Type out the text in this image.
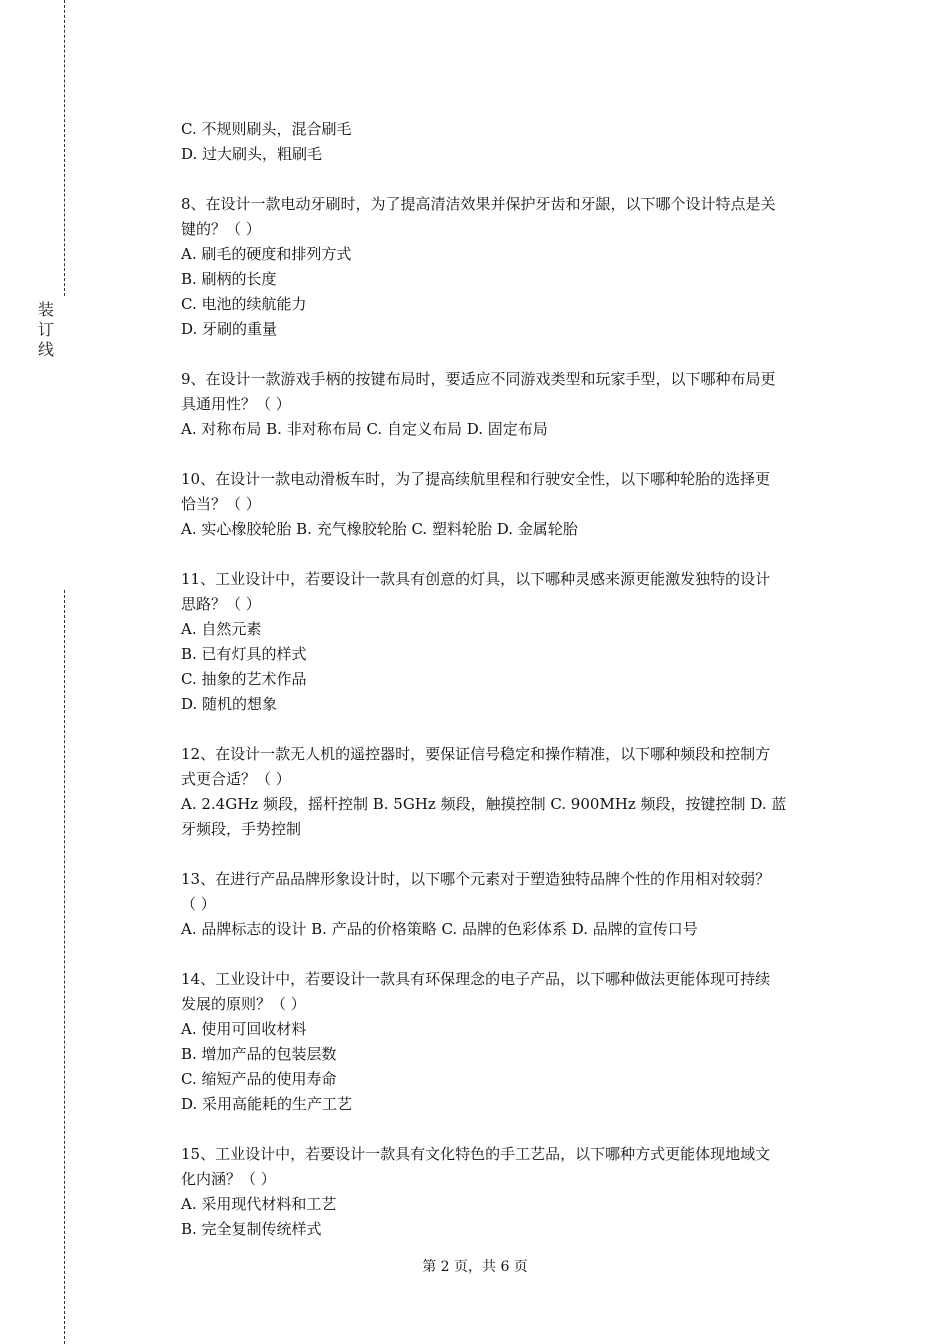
装
订
线
C. 不规则刷头，混合刷毛
D. 过大刷头，粗刷毛
8、在设计一款电动牙刷时，为了提高清洁效果并保护牙齿和牙龈，以下哪个设计特点是关
键的？（ ）
A. 刷毛的硬度和排列方式
B. 刷柄的长度
C. 电池的续航能力
D. 牙刷的重量
9、在设计一款游戏手柄的按键布局时，要适应不同游戏类型和玩家手型，以下哪种布局更
具通用性？（ ）
A. 对称布局 B. 非对称布局 C. 自定义布局 D. 固定布局
10、在设计一款电动滑板车时，为了提高续航里程和行驶安全性，以下哪种轮胎的选择更
恰当？（ ）
A. 实心橡胶轮胎 B. 充气橡胶轮胎 C. 塑料轮胎 D. 金属轮胎
11、工业设计中，若要设计一款具有创意的灯具，以下哪种灵感来源更能激发独特的设计
思路？（ ）
A. 自然元素
B. 已有灯具的样式
C. 抽象的艺术作品
D. 随机的想象
12、在设计一款无人机的遥控器时，要保证信号稳定和操作精准，以下哪种频段和控制方
式更合适？（ ）
A. 2.4GHz 频段，摇杆控制 B. 5GHz 频段，触摸控制 C. 900MHz 频段，按键控制 D. 蓝
牙频段，手势控制
13、在进行产品品牌形象设计时，以下哪个元素对于塑造独特品牌个性的作用相对较弱？
（ ）
A. 品牌标志的设计 B. 产品的价格策略 C. 品牌的色彩体系 D. 品牌的宣传口号
14、工业设计中，若要设计一款具有环保理念的电子产品，以下哪种做法更能体现可持续
发展的原则？（ ）
A. 使用可回收材料
B. 增加产品的包装层数
C. 缩短产品的使用寿命
D. 采用高能耗的生产工艺
15、工业设计中，若要设计一款具有文化特色的手工艺品，以下哪种方式更能体现地域文
化内涵？（ ）
A. 采用现代材料和工艺
B. 完全复制传统样式
第 2 页，共 6 页
